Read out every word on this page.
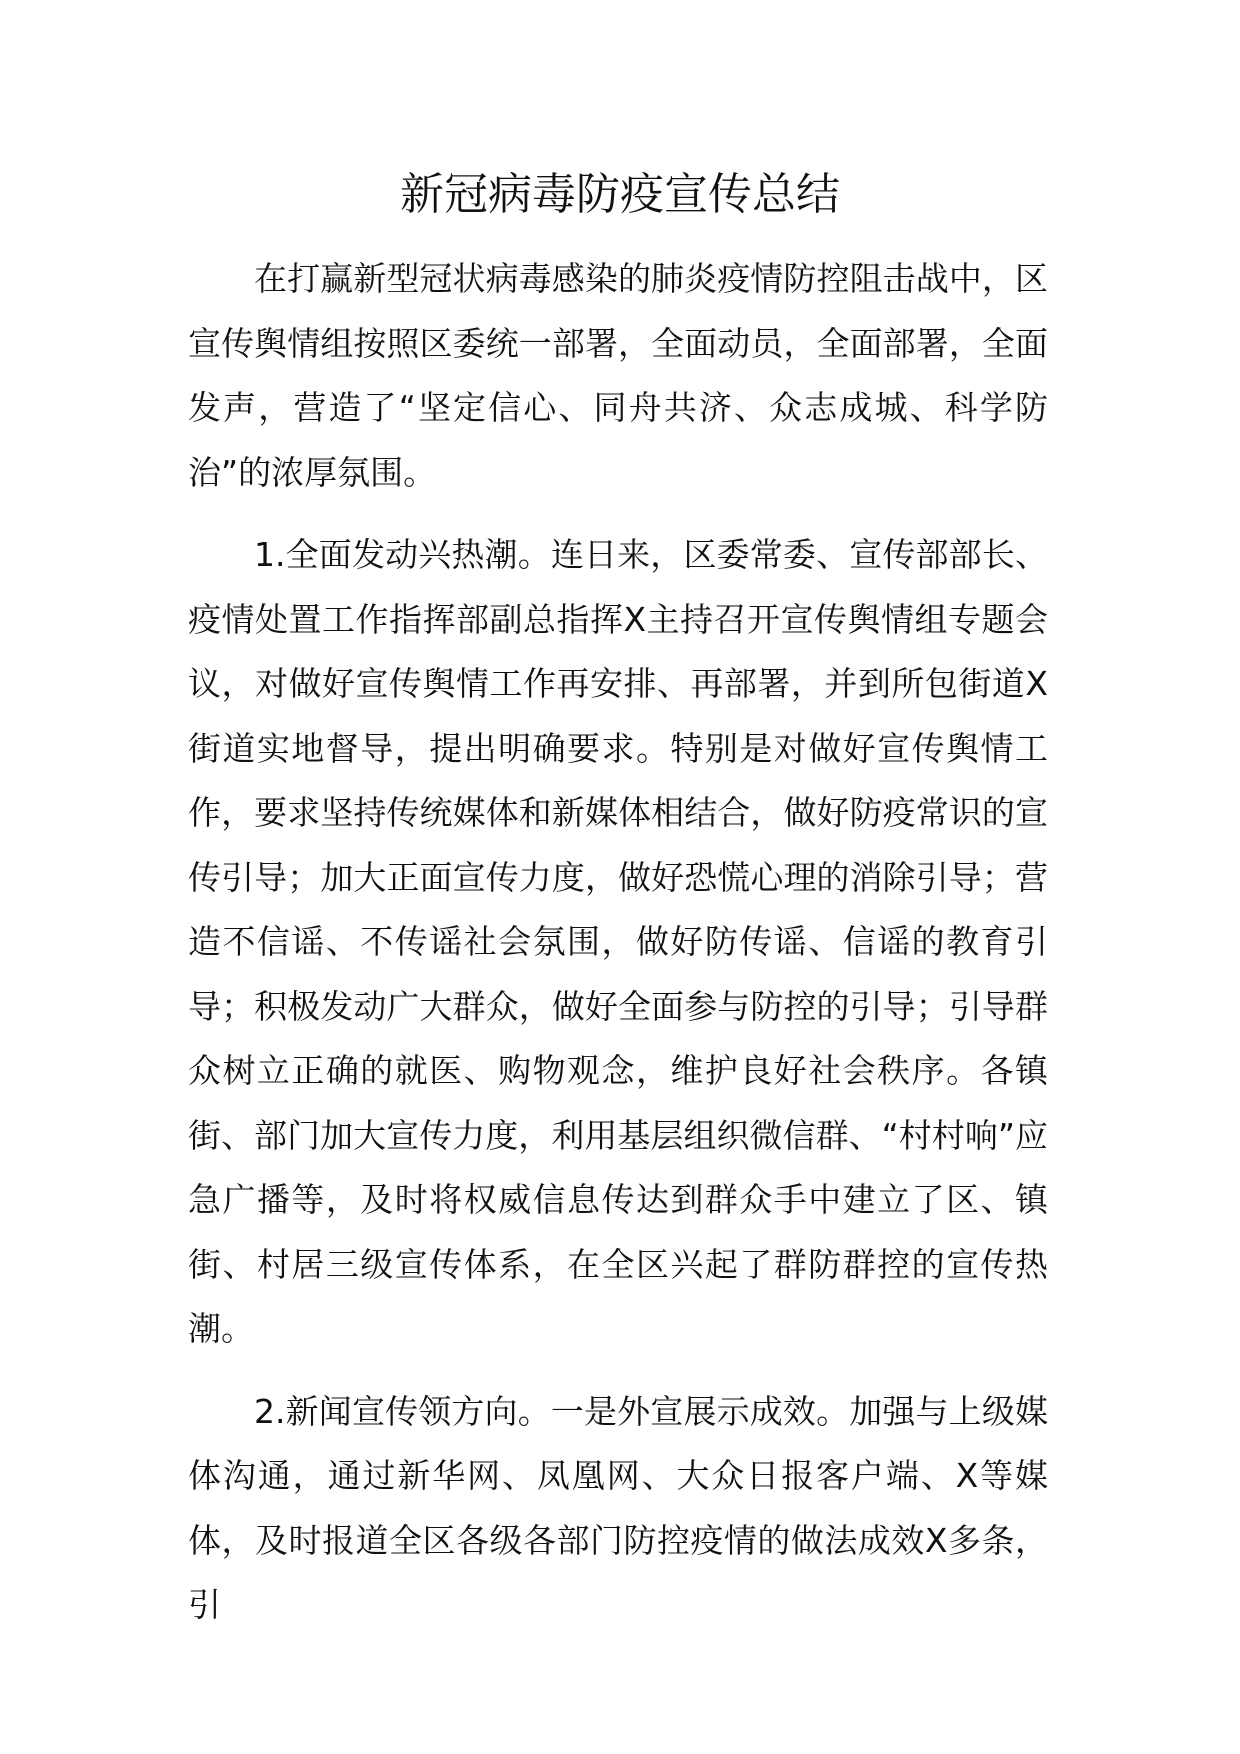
新冠病毒防疫宣传总结

在打赢新型冠状病毒感染的肺炎疫情防控阻击战中，区宣传舆情组按照区委统一部署，全面动员，全面部署，全面发声，营造了“坚定信心、同舟共济、众志成城、科学防治”的浓厚氛围。

1.全面发动兴热潮。连日来，区委常委、宣传部部长、疫情处置工作指挥部副总指挥X主持召开宣传舆情组专题会议，对做好宣传舆情工作再安排、再部署，并到所包街道X街道实地督导，提出明确要求。特别是对做好宣传舆情工作，要求坚持传统媒体和新媒体相结合，做好防疫常识的宣传引导；加大正面宣传力度，做好恐慌心理的消除引导；营造不信谣、不传谣社会氛围，做好防传谣、信谣的教育引导；积极发动广大群众，做好全面参与防控的引导；引导群众树立正确的就医、购物观念，维护良好社会秩序。各镇街、部门加大宣传力度，利用基层组织微信群、“村村响”应急广播等，及时将权威信息传达到群众手中建立了区、镇街、村居三级宣传体系，在全区兴起了群防群控的宣传热潮。

2.新闻宣传领方向。一是外宣展示成效。加强与上级媒体沟通，通过新华网、凤凰网、大众日报客户端、X等媒体，及时报道全区各级各部门防控疫情的做法成效X多条，引
